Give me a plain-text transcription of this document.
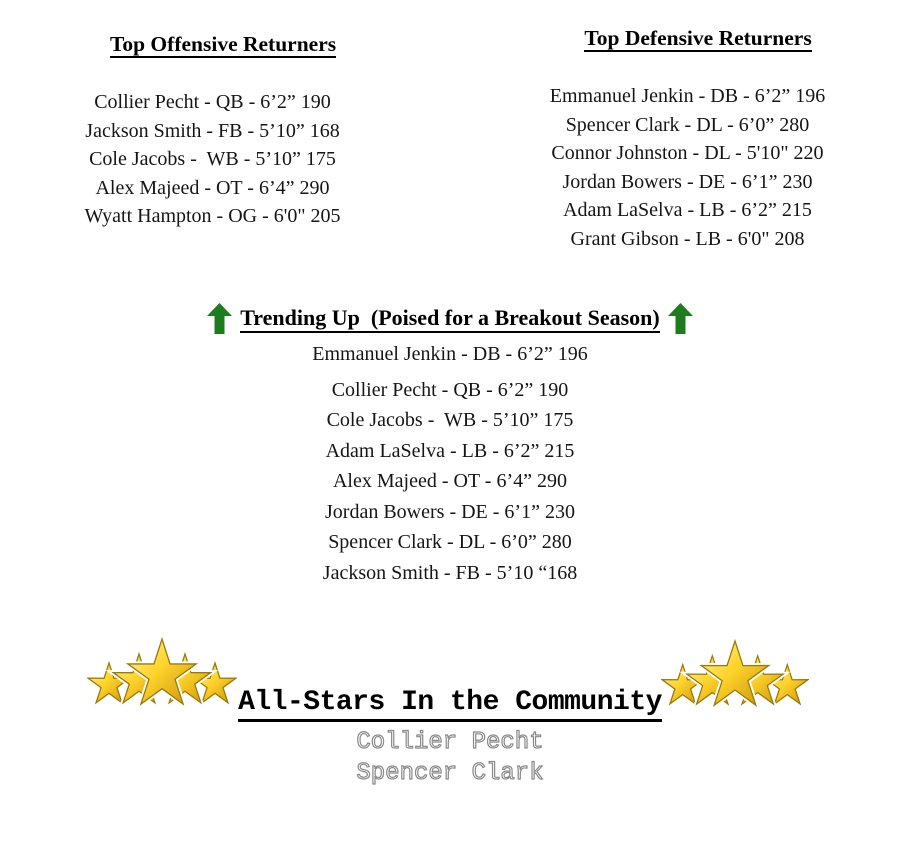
Top Offensive Returners

Collier Pecht - QB - 6’2” 190
Jackson Smith - FB - 5’10” 168
Cole Jacobs -  WB - 5’10” 175
Alex Majeed - OT - 6’4” 290
Wyatt Hampton - OG - 6'0" 205

Top Defensive Returners

Emmanuel Jenkin - DB - 6’2” 196
Spencer Clark - DL - 6’0” 280
Connor Johnston - DL - 5'10" 220
Jordan Bowers - DE - 6’1” 230
Adam LaSelva - LB - 6’2” 215
Grant Gibson - LB - 6'0" 208
Trending Up  (Poised for a Breakout Season)
Emmanuel Jenkin - DB - 6’2” 196
Collier Pecht - QB - 6’2” 190
Cole Jacobs -  WB - 5’10” 175
Adam LaSelva - LB - 6’2” 215
Alex Majeed - OT - 6’4” 290
Jordan Bowers - DE - 6’1” 230
Spencer Clark - DL - 6’0” 280
Jackson Smith - FB - 5’10 “168
All-Stars In the Community
Collier Pecht
Spencer Clark
